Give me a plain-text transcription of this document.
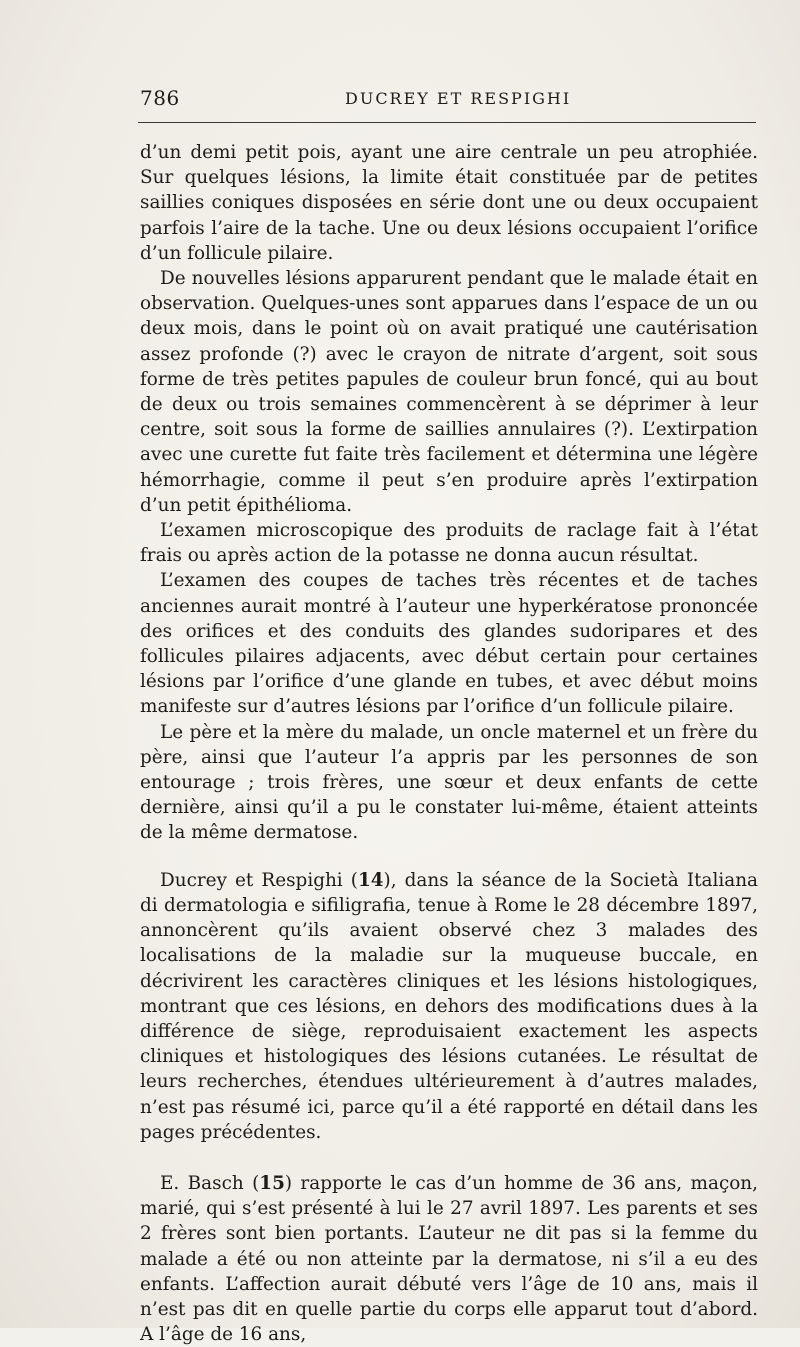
786	DUCREY ET RESPIGHI

d’un demi petit pois, ayant une aire centrale un peu atrophiée. Sur quelques lésions, la limite était constituée par de petites saillies coniques disposées en série dont une ou deux occupaient parfois l’aire de la tache. Une ou deux lésions occupaient l’orifice d’un follicule pilaire.

De nouvelles lésions apparurent pendant que le malade était en observation. Quelques-unes sont apparues dans l’espace de un ou deux mois, dans le point où on avait pratiqué une cautérisation assez profonde (?) avec le crayon de nitrate d’argent, soit sous forme de très petites papules de couleur brun foncé, qui au bout de deux ou trois semaines commencèrent à se déprimer à leur centre, soit sous la forme de saillies annulaires (?). L’extirpation avec une curette fut faite très facilement et détermina une légère hémorrhagie, comme il peut s’en produire après l’extirpation d’un petit épithélioma.

L’examen microscopique des produits de raclage fait à l’état frais ou après action de la potasse ne donna aucun résultat.

L’examen des coupes de taches très récentes et de taches anciennes aurait montré à l’auteur une hyperkératose prononcée des orifices et des conduits des glandes sudoripares et des follicules pilaires adjacents, avec début certain pour certaines lésions par l’orifice d’une glande en tubes, et avec début moins manifeste sur d’autres lésions par l’orifice d’un follicule pilaire.

Le père et la mère du malade, un oncle maternel et un frère du père, ainsi que l’auteur l’a appris par les personnes de son entourage ; trois frères, une sœur et deux enfants de cette dernière, ainsi qu’il a pu le constater lui-même, étaient atteints de la même dermatose.

Ducrey et Respighi (14), dans la séance de la Società Italiana di dermatologia e sifiligrafia, tenue à Rome le 28 décembre 1897, annoncèrent qu’ils avaient observé chez 3 malades des localisations de la maladie sur la muqueuse buccale, en décrivirent les caractères cliniques et les lésions histologiques, montrant que ces lésions, en dehors des modifications dues à la différence de siège, reproduisaient exactement les aspects cliniques et histologiques des lésions cutanées. Le résultat de leurs recherches, étendues ultérieurement à d’autres malades, n’est pas résumé ici, parce qu’il a été rapporté en détail dans les pages précédentes.

E. Basch (15) rapporte le cas d’un homme de 36 ans, maçon, marié, qui s’est présenté à lui le 27 avril 1897. Les parents et ses 2 frères sont bien portants. L’auteur ne dit pas si la femme du malade a été ou non atteinte par la dermatose, ni s’il a eu des enfants. L’affection aurait débuté vers l’âge de 10 ans, mais il n’est pas dit en quelle partie du corps elle apparut tout d’abord. A l’âge de 16 ans,
